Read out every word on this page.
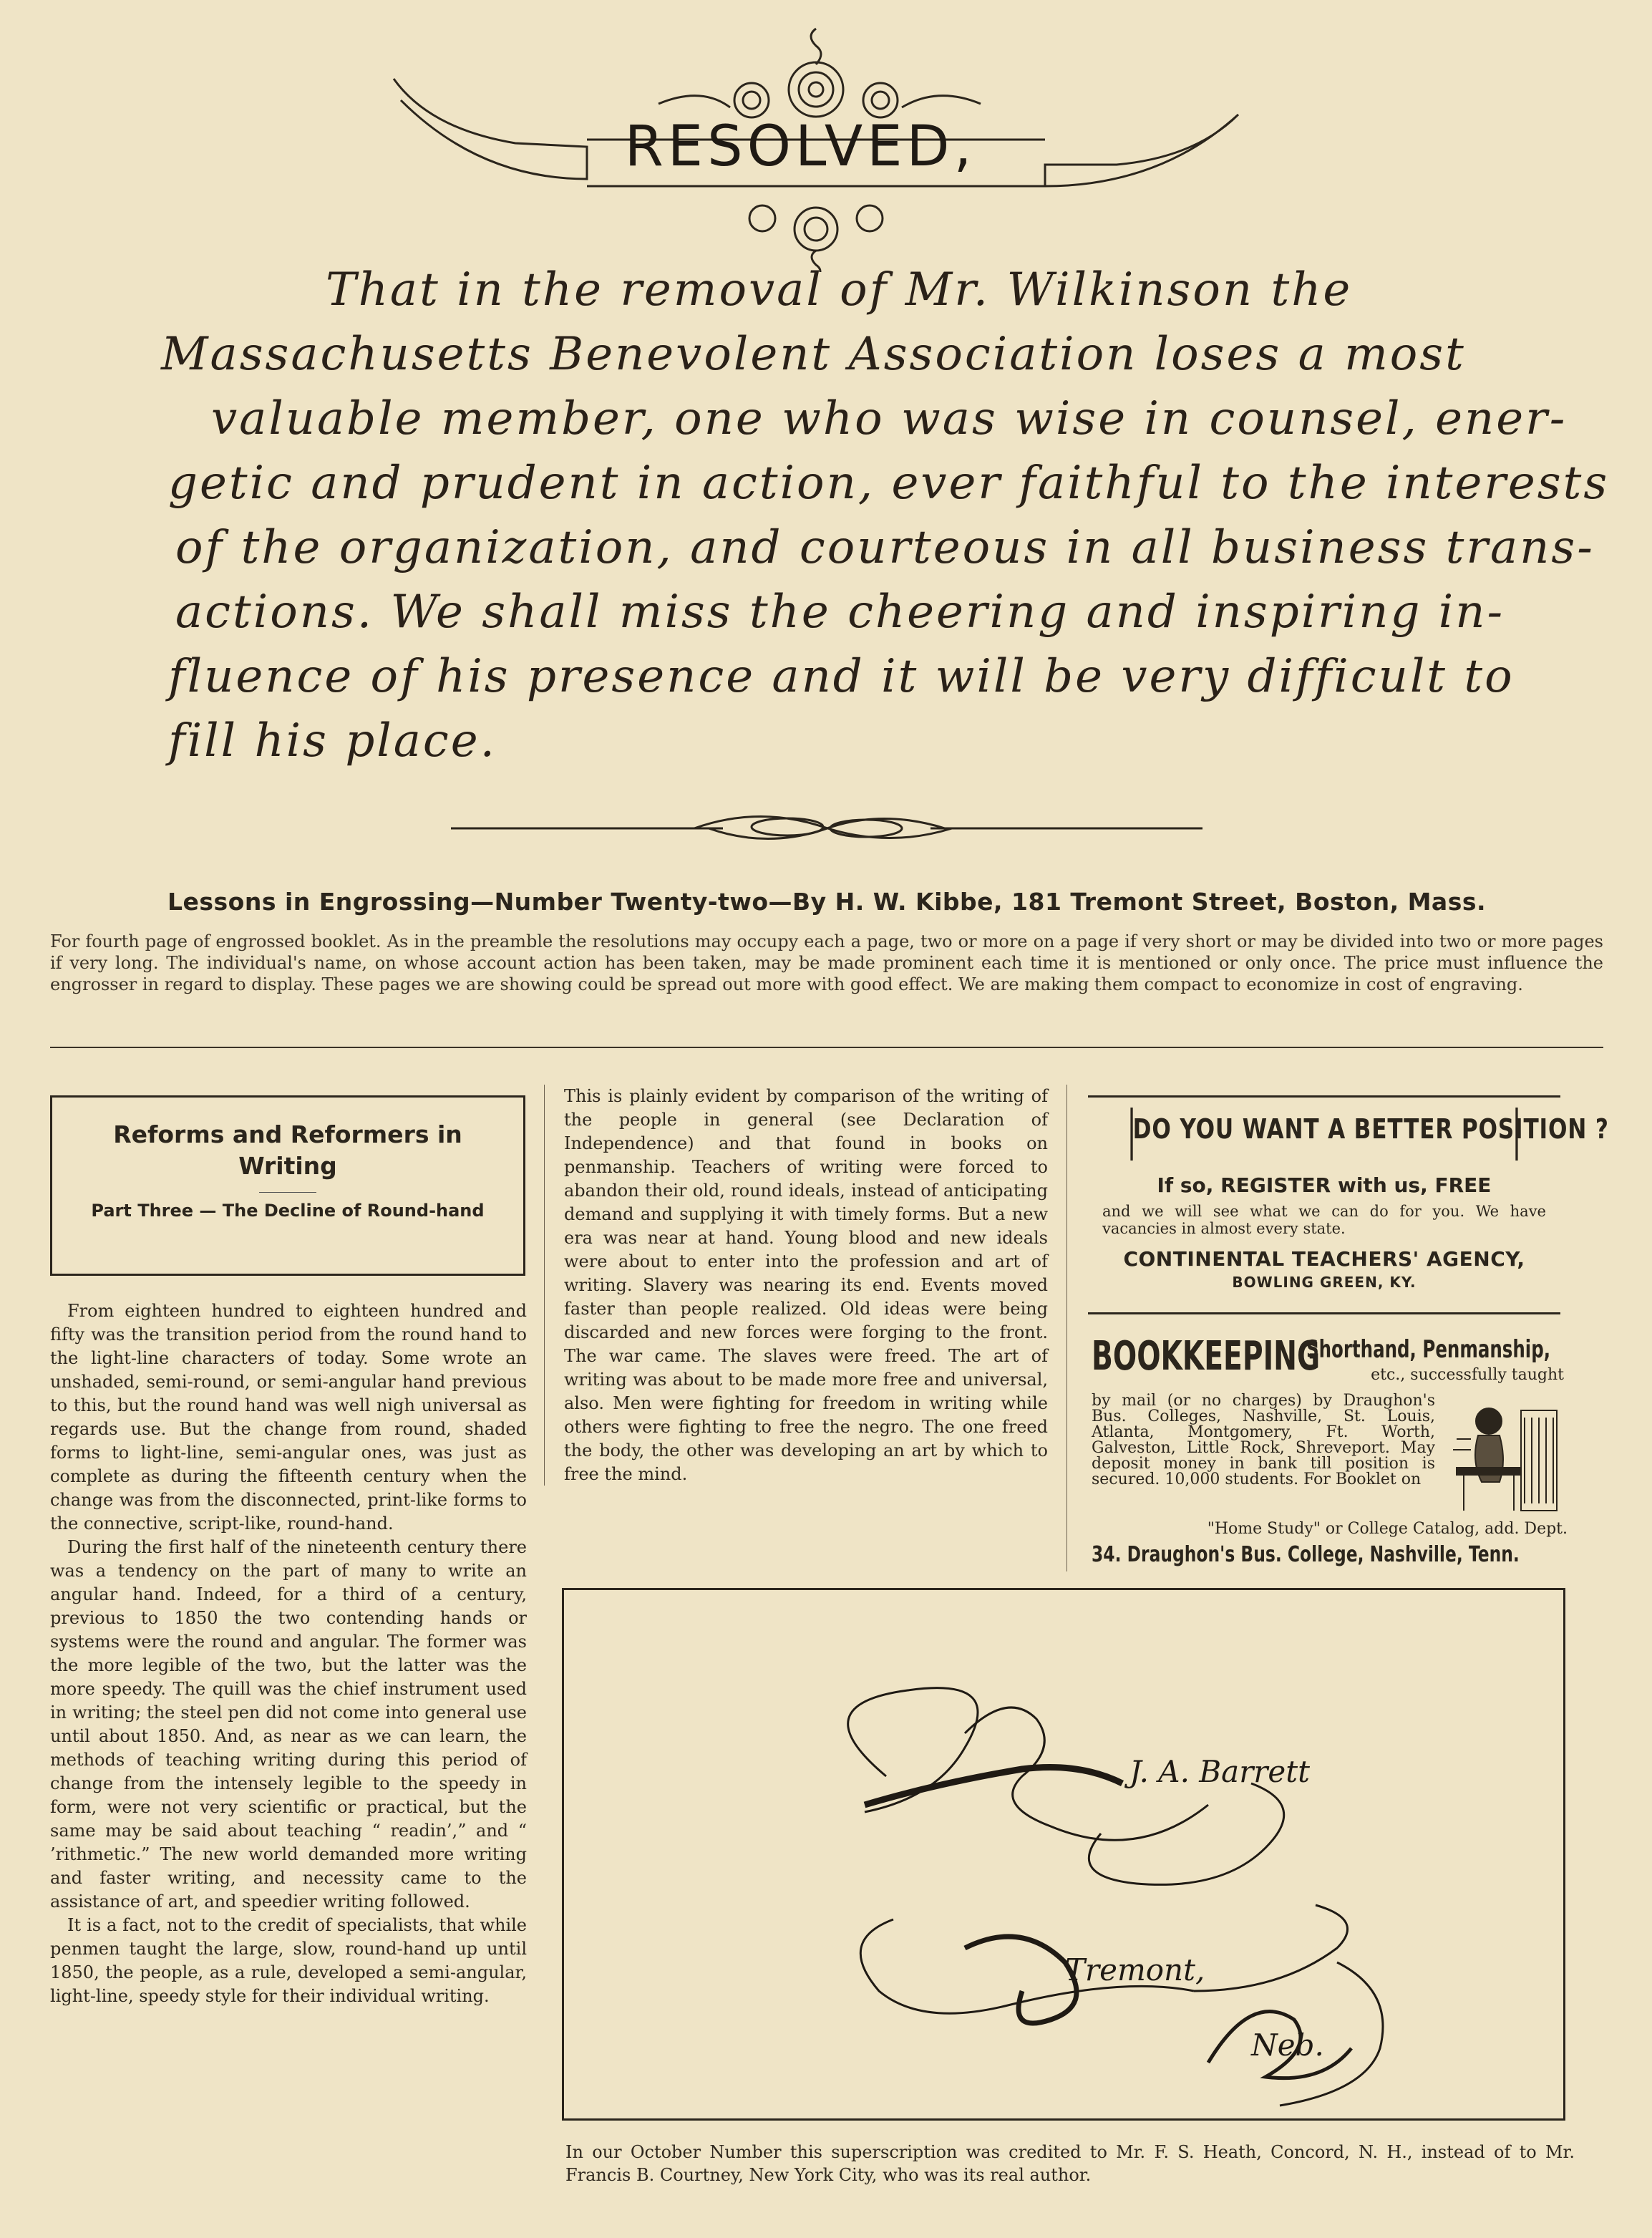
RESOLVED,
That in the removal of Mr. Wilkinson the
Massachusetts Benevolent Association loses a most
valuable member, one who was wise in counsel, ener-
getic and prudent in action, ever faithful to the interests
of the organization, and courteous in all business trans-
actions. We shall miss the cheering and inspiring in-
fluence of his presence and it will be very difficult to
fill his place.
Lessons in Engrossing—Number Twenty-two—By H. W. Kibbe, 181 Tremont Street, Boston, Mass.
For fourth page of engrossed booklet. As in the preamble the resolutions may occupy each a page, two or more on a page if very short or may be divided into two or more pages if very long. The individual's name, on whose account action has been taken, may be made prominent each time it is mentioned or only once. The price must influence the engrosser in regard to display. These pages we are showing could be spread out more with good effect. We are making them compact to economize in cost of engraving.
Reforms and Reformers in Writing
Part Three — The Decline of Round-hand

From eighteen hundred to eighteen hundred and fifty was the transition period from the round hand to the light-line characters of today. Some wrote an unshaded, semi-round, or semi-angular hand previous to this, but the round hand was well nigh universal as regards use. But the change from round, shaded forms to light-line, semi-angular ones, was just as complete as during the fifteenth century when the change was from the disconnected, print-like forms to the connective, script-like, round-hand.

During the first half of the nineteenth century there was a tendency on the part of many to write an angular hand. Indeed, for a third of a century, previous to 1850 the two contending hands or systems were the round and angular. The former was the more legible of the two, but the latter was the more speedy. The quill was the chief instrument used in writing; the steel pen did not come into general use until about 1850. And, as near as we can learn, the methods of teaching writing during this period of change from the intensely legible to the speedy in form, were not very scientific or practical, but the same may be said about teaching “ readin’,” and “ ’rithmetic.” The new world demanded more writing and faster writing, and necessity came to the assistance of art, and speedier writing followed.

It is a fact, not to the credit of specialists, that while penmen taught the large, slow, round-hand up until 1850, the people, as a rule, developed a semi-angular, light-line, speedy style for their individual writing.

This is plainly evident by comparison of the writing of the people in general (see Declaration of Independence) and that found in books on penmanship. Teachers of writing were forced to abandon their old, round ideals, instead of anticipating demand and supplying it with timely forms. But a new era was near at hand. Young blood and new ideals were about to enter into the profession and art of writing. Slavery was nearing its end. Events moved faster than people realized. Old ideas were being discarded and new forces were forging to the front. The war came. The slaves were freed. The art of writing was about to be made more free and universal, also. Men were fighting for freedom in writing while others were fighting to free the negro. The one freed the body, the other was developing an art by which to free the mind.

DO YOU WANT A BETTER POSITION ?
If so, REGISTER with us, FREE
and we will see what we can do for you. We have vacancies in almost every state.
CONTINENTAL TEACHERS' AGENCY,
BOWLING GREEN, KY.
BOOKKEEPING
Shorthand, Penmanship,
etc., successfully taught
by mail (or no charges) by Draughon's Bus. Colleges, Nashville, St. Louis, Atlanta, Montgomery, Ft. Worth, Galveston, Little Rock, Shreveport. May deposit money in bank till position is secured. 10,000 students. For Booklet on
"Home Study" or College Catalog, add. Dept.
34. Draughon's Bus. College, Nashville, Tenn.
J. A. Barrett
Tremont,
Neb.
In our October Number this superscription was credited to Mr. F. S. Heath, Concord, N. H., instead of to Mr. Francis B. Courtney, New York City, who was its real author.
